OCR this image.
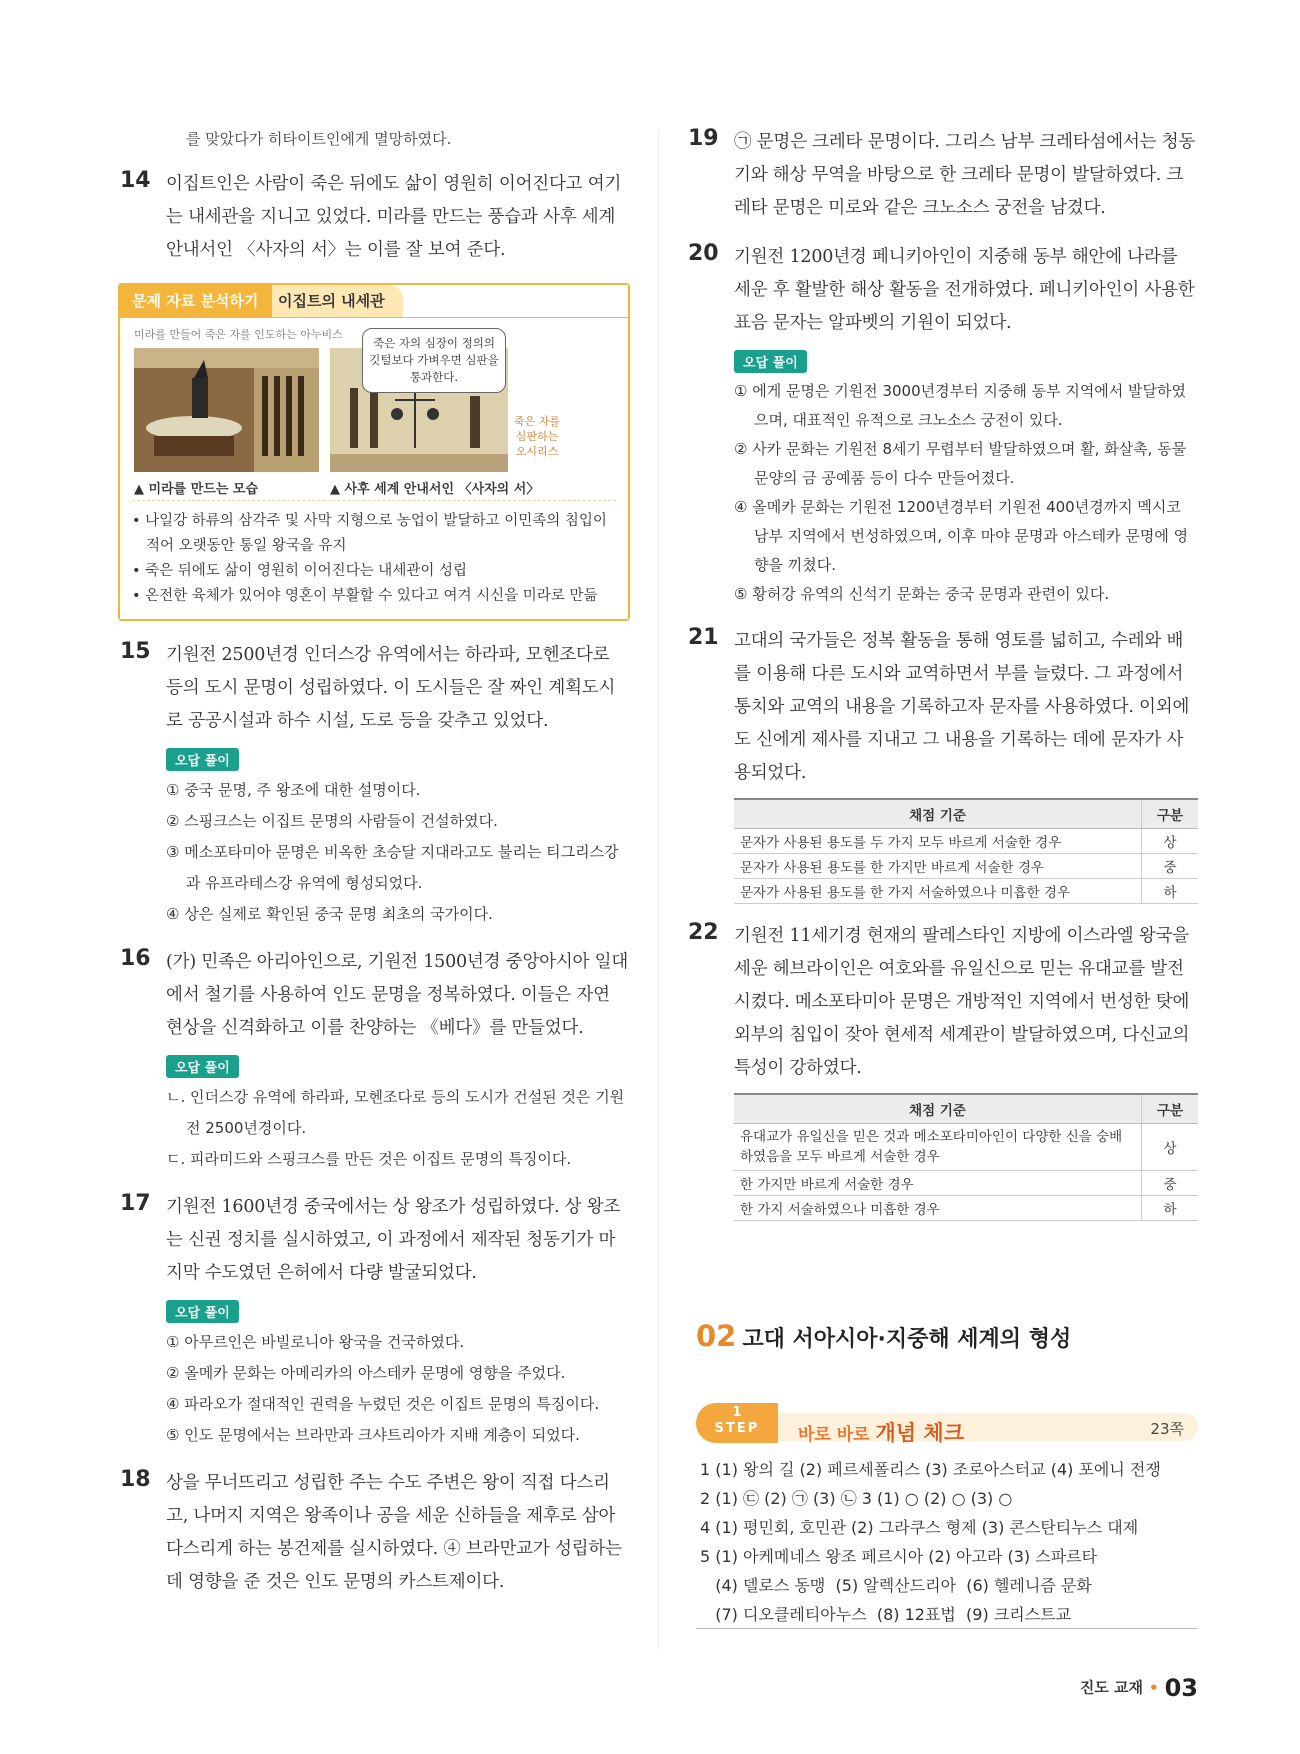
를 맞았다가 히타이트인에게 멸망하였다.
14 이집트인은 사람이 죽은 뒤에도 삶이 영원히 이어진다고 여기는 내세관을 지니고 있었다. 미라를 만드는 풍습과 사후 세계 안내서인 〈사자의 서〉는 이를 잘 보여 준다.
이집트의 내세관
문제 자료 분석하기
미라를 만들어 죽은 자를 인도하는 아누비스
죽은 자의 심장이 정의의 깃털보다 가벼우면 심판을 통과한다.
죽은 자를 심판하는 오시리스
▲ 미라를 만드는 모습	▲ 사후 세계 안내서인 〈사자의 서〉
• 나일강 하류의 삼각주 및 사막 지형으로 농업이 발달하고 이민족의 침입이 적어 오랫동안 통일 왕국을 유지
• 죽은 뒤에도 삶이 영원히 이어진다는 내세관이 성립
• 온전한 육체가 있어야 영혼이 부활할 수 있다고 여겨 시신을 미라로 만듦
15 기원전 2500년경 인더스강 유역에서는 하라파, 모헨조다로 등의 도시 문명이 성립하였다. 이 도시들은 잘 짜인 계획도시로 공공시설과 하수 시설, 도로 등을 갖추고 있었다.
오답 풀이
① 중국 문명, 주 왕조에 대한 설명이다.
② 스핑크스는 이집트 문명의 사람들이 건설하였다.
③ 메소포타미아 문명은 비옥한 초승달 지대라고도 불리는 티그리스강과 유프라테스강 유역에 형성되었다.
④ 상은 실제로 확인된 중국 문명 최초의 국가이다.
16 (가) 민족은 아리아인으로, 기원전 1500년경 중앙아시아 일대에서 철기를 사용하여 인도 문명을 정복하였다. 이들은 자연 현상을 신격화하고 이를 찬양하는 《베다》를 만들었다.
오답 풀이
ㄴ. 인더스강 유역에 하라파, 모헨조다로 등의 도시가 건설된 것은 기원전 2500년경이다.
ㄷ. 피라미드와 스핑크스를 만든 것은 이집트 문명의 특징이다.
17 기원전 1600년경 중국에서는 상 왕조가 성립하였다. 상 왕조는 신권 정치를 실시하였고, 이 과정에서 제작된 청동기가 마지막 수도였던 은허에서 다량 발굴되었다.
오답 풀이
① 아무르인은 바빌로니아 왕국을 건국하였다.
② 올메카 문화는 아메리카의 아스테카 문명에 영향을 주었다.
④ 파라오가 절대적인 권력을 누렸던 것은 이집트 문명의 특징이다.
⑤ 인도 문명에서는 브라만과 크샤트리아가 지배 계층이 되었다.
18 상을 무너뜨리고 성립한 주는 수도 주변은 왕이 직접 다스리고, 나머지 지역은 왕족이나 공을 세운 신하들을 제후로 삼아 다스리게 하는 봉건제를 실시하였다. ④ 브라만교가 성립하는 데 영향을 준 것은 인도 문명의 카스트제이다.
19 ㉠ 문명은 크레타 문명이다. 그리스 남부 크레타섬에서는 청동기와 해상 무역을 바탕으로 한 크레타 문명이 발달하였다. 크레타 문명은 미로와 같은 크노소스 궁전을 남겼다.
20 기원전 1200년경 페니키아인이 지중해 동부 해안에 나라를 세운 후 활발한 해상 활동을 전개하였다. 페니키아인이 사용한 표음 문자는 알파벳의 기원이 되었다.
오답 풀이
① 에게 문명은 기원전 3000년경부터 지중해 동부 지역에서 발달하였으며, 대표적인 유적으로 크노소스 궁전이 있다.
② 사카 문화는 기원전 8세기 무렵부터 발달하였으며 활, 화살촉, 동물 문양의 금 공예품 등이 다수 만들어졌다.
④ 올메카 문화는 기원전 1200년경부터 기원전 400년경까지 멕시코 남부 지역에서 번성하였으며, 이후 마야 문명과 아스테카 문명에 영향을 끼쳤다.
⑤ 황허강 유역의 신석기 문화는 중국 문명과 관련이 있다.
21 고대의 국가들은 정복 활동을 통해 영토를 넓히고, 수레와 배를 이용해 다른 도시와 교역하면서 부를 늘렸다. 그 과정에서 통치와 교역의 내용을 기록하고자 문자를 사용하였다. 이외에도 신에게 제사를 지내고 그 내용을 기록하는 데에 문자가 사용되었다.
채점 기준	구분
문자가 사용된 용도를 두 가지 모두 바르게 서술한 경우	상
문자가 사용된 용도를 한 가지만 바르게 서술한 경우	중
문자가 사용된 용도를 한 가지 서술하였으나 미흡한 경우	하
22 기원전 11세기경 현재의 팔레스타인 지방에 이스라엘 왕국을 세운 헤브라이인은 여호와를 유일신으로 믿는 유대교를 발전시켰다. 메소포타미아 문명은 개방적인 지역에서 번성한 탓에 외부의 침입이 잦아 현세적 세계관이 발달하였으며, 다신교의 특성이 강하였다.
채점 기준	구분
유대교가 유일신을 믿은 것과 메소포타미아인이 다양한 신을 숭배하였음을 모두 바르게 서술한 경우	상
한 가지만 바르게 서술한 경우	중
한 가지 서술하였으나 미흡한 경우	하
02 고대 서아시아·지중해 세계의 형성
1
STEP	바로 바로 개념 체크	23쪽
1 (1) 왕의 길 (2) 페르세폴리스 (3) 조로아스터교 (4) 포에니 전쟁
2 (1) ㉢ (2) ㉠ (3) ㉡ 3 (1) ○ (2) ○ (3) ○
4 (1) 평민회, 호민관 (2) 그라쿠스 형제 (3) 콘스탄티누스 대제
5 (1) 아케메네스 왕조 페르시아 (2) 아고라 (3) 스파르타
(4) 델로스 동맹  (5) 알렉산드리아  (6) 헬레니즘 문화
(7) 디오클레티아누스  (8) 12표법  (9) 크리스트교
진도 교재 • 03
